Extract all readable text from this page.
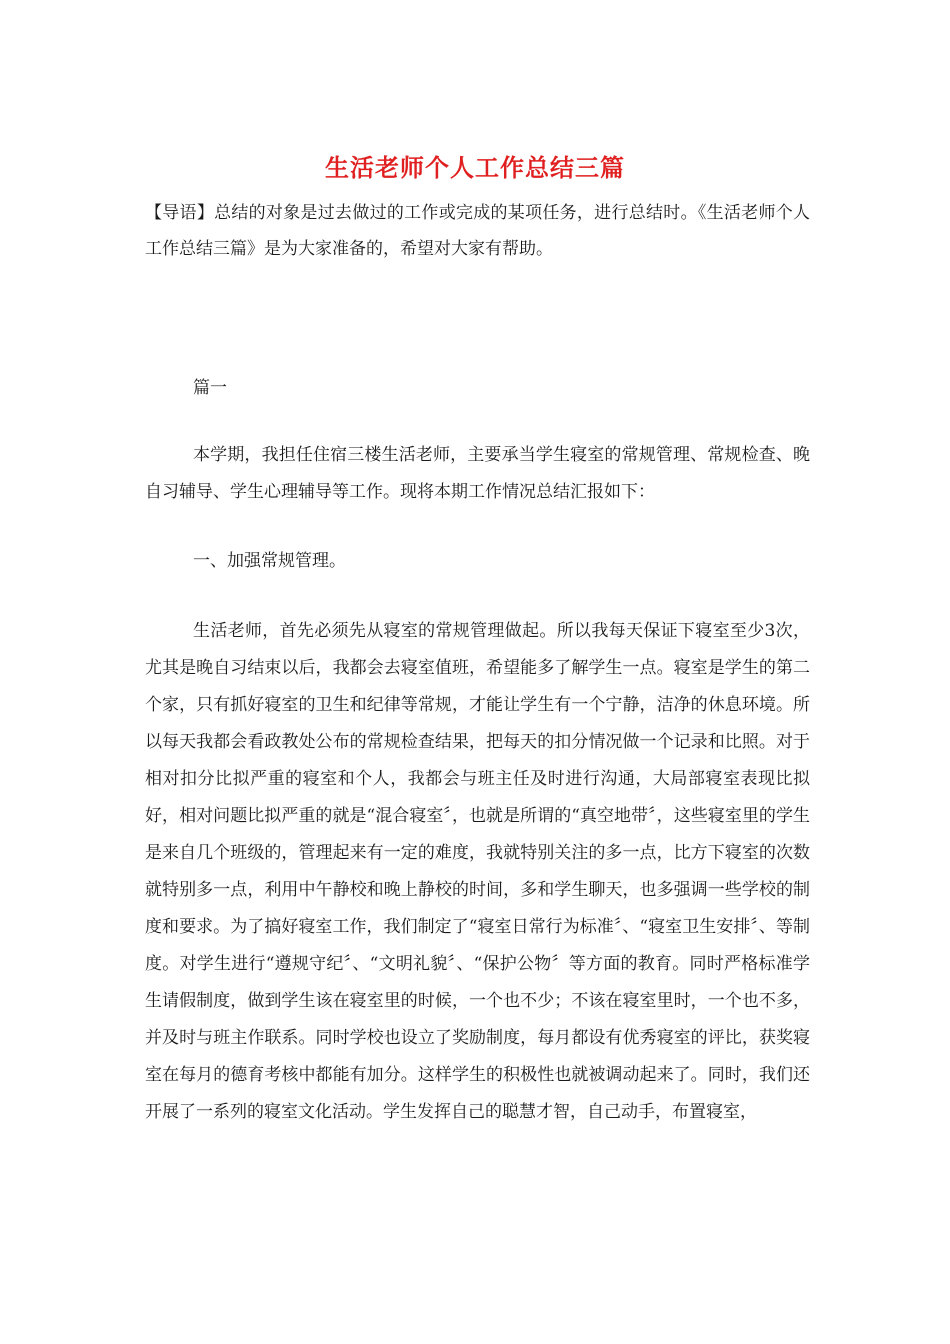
生活老师个人工作总结三篇
【导语】总结的对象是过去做过的工作或完成的某项任务，进行总结时。《生活老师个人工作总结三篇》是为大家准备的，希望对大家有帮助。
篇一
本学期，我担任住宿三楼生活老师，主要承当学生寝室的常规管理、常规检查、晚自习辅导、学生心理辅导等工作。现将本期工作情况总结汇报如下：
一、加强常规管理。
生活老师，首先必须先从寝室的常规管理做起。所以我每天保证下寝室至少3次，尤其是晚自习结束以后，我都会去寝室值班，希望能多了解学生一点。寝室是学生的第二个家，只有抓好寝室的卫生和纪律等常规，才能让学生有一个宁静，洁净的休息环境。所以每天我都会看政教处公布的常规检查结果，把每天的扣分情况做一个记录和比照。对于相对扣分比拟严重的寝室和个人，我都会与班主任及时进行沟通，大局部寝室表现比拟好，相对问题比拟严重的就是“混合寝室〞，也就是所谓的“真空地带〞，这些寝室里的学生是来自几个班级的，管理起来有一定的难度，我就特别关注的多一点，比方下寝室的次数就特别多一点，利用中午静校和晚上静校的时间，多和学生聊天，也多强调一些学校的制度和要求。为了搞好寝室工作，我们制定了“寝室日常行为标准〞、“寝室卫生安排〞、等制度。对学生进行“遵规守纪〞、“文明礼貌〞、“保护公物〞等方面的教育。同时严格标准学生请假制度，做到学生该在寝室里的时候，一个也不少；不该在寝室里时，一个也不多，并及时与班主作联系。同时学校也设立了奖励制度，每月都设有优秀寝室的评比，获奖寝室在每月的德育考核中都能有加分。这样学生的积极性也就被调动起来了。同时，我们还开展了一系列的寝室文化活动。学生发挥自己的聪慧才智，自己动手，布置寝室，
